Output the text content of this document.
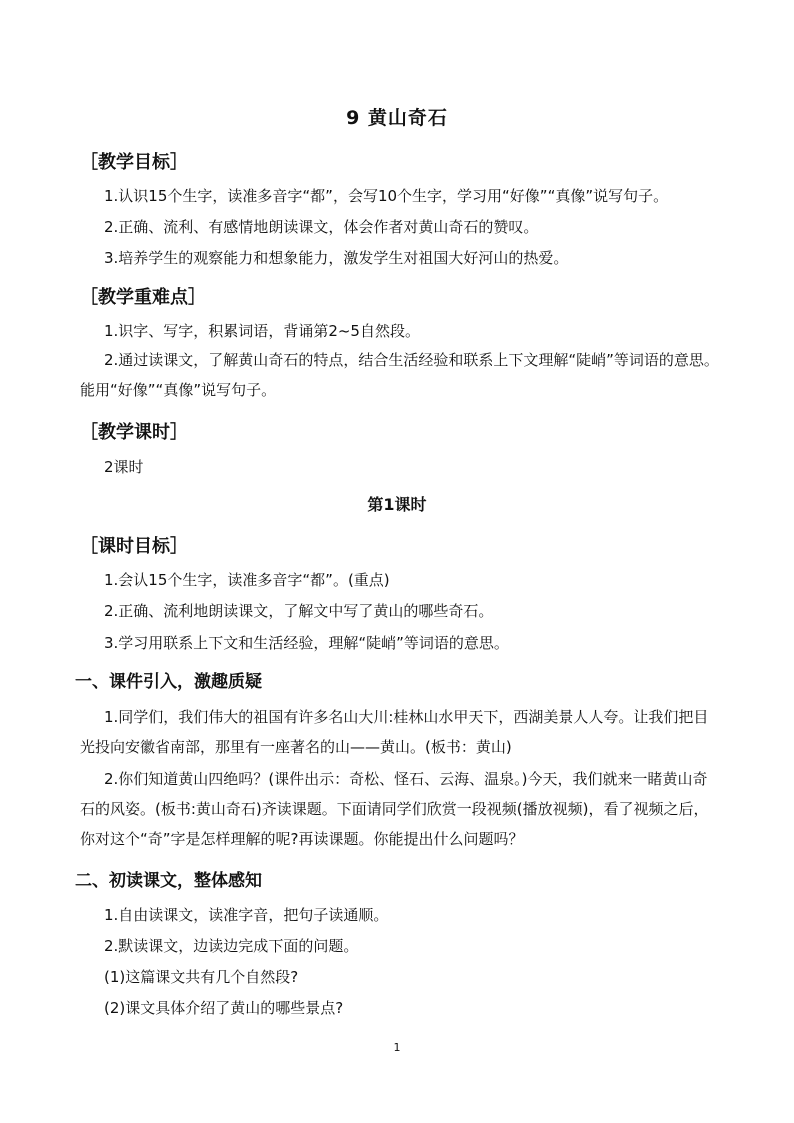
9 黄山奇石
［教学目标］
1.认识15个生字，读准多音字“都”，会写10个生字，学习用“好像”“真像”说写句子。
2.正确、流利、有感情地朗读课文，体会作者对黄山奇石的赞叹。
3.培养学生的观察能力和想象能力，激发学生对祖国大好河山的热爱。
［教学重难点］
1.识字、写字，积累词语，背诵第2~5自然段。
2.通过读课文，了解黄山奇石的特点，结合生活经验和联系上下文理解“陡峭”等词语的意思。能用“好像”“真像”说写句子。
［教学课时］
2课时
第1课时
［课时目标］
1.会认15个生字，读准多音字“都”。(重点)
2.正确、流利地朗读课文，了解文中写了黄山的哪些奇石。
3.学习用联系上下文和生活经验，理解“陡峭”等词语的意思。
一、课件引入，激趣质疑
1.同学们，我们伟大的祖国有许多名山大川:桂林山水甲天下，西湖美景人人夸。让我们把目光投向安徽省南部，那里有一座著名的山——黄山。(板书：黄山)
2.你们知道黄山四绝吗？(课件出示：奇松、怪石、云海、温泉。)今天，我们就来一睹黄山奇石的风姿。(板书:黄山奇石)齐读课题。下面请同学们欣赏一段视频(播放视频)，看了视频之后，你对这个“奇”字是怎样理解的呢?再读课题。你能提出什么问题吗？
二、初读课文，整体感知
1.自由读课文，读准字音，把句子读通顺。
2.默读课文，边读边完成下面的问题。
(1)这篇课文共有几个自然段?
(2)课文具体介绍了黄山的哪些景点?
1
